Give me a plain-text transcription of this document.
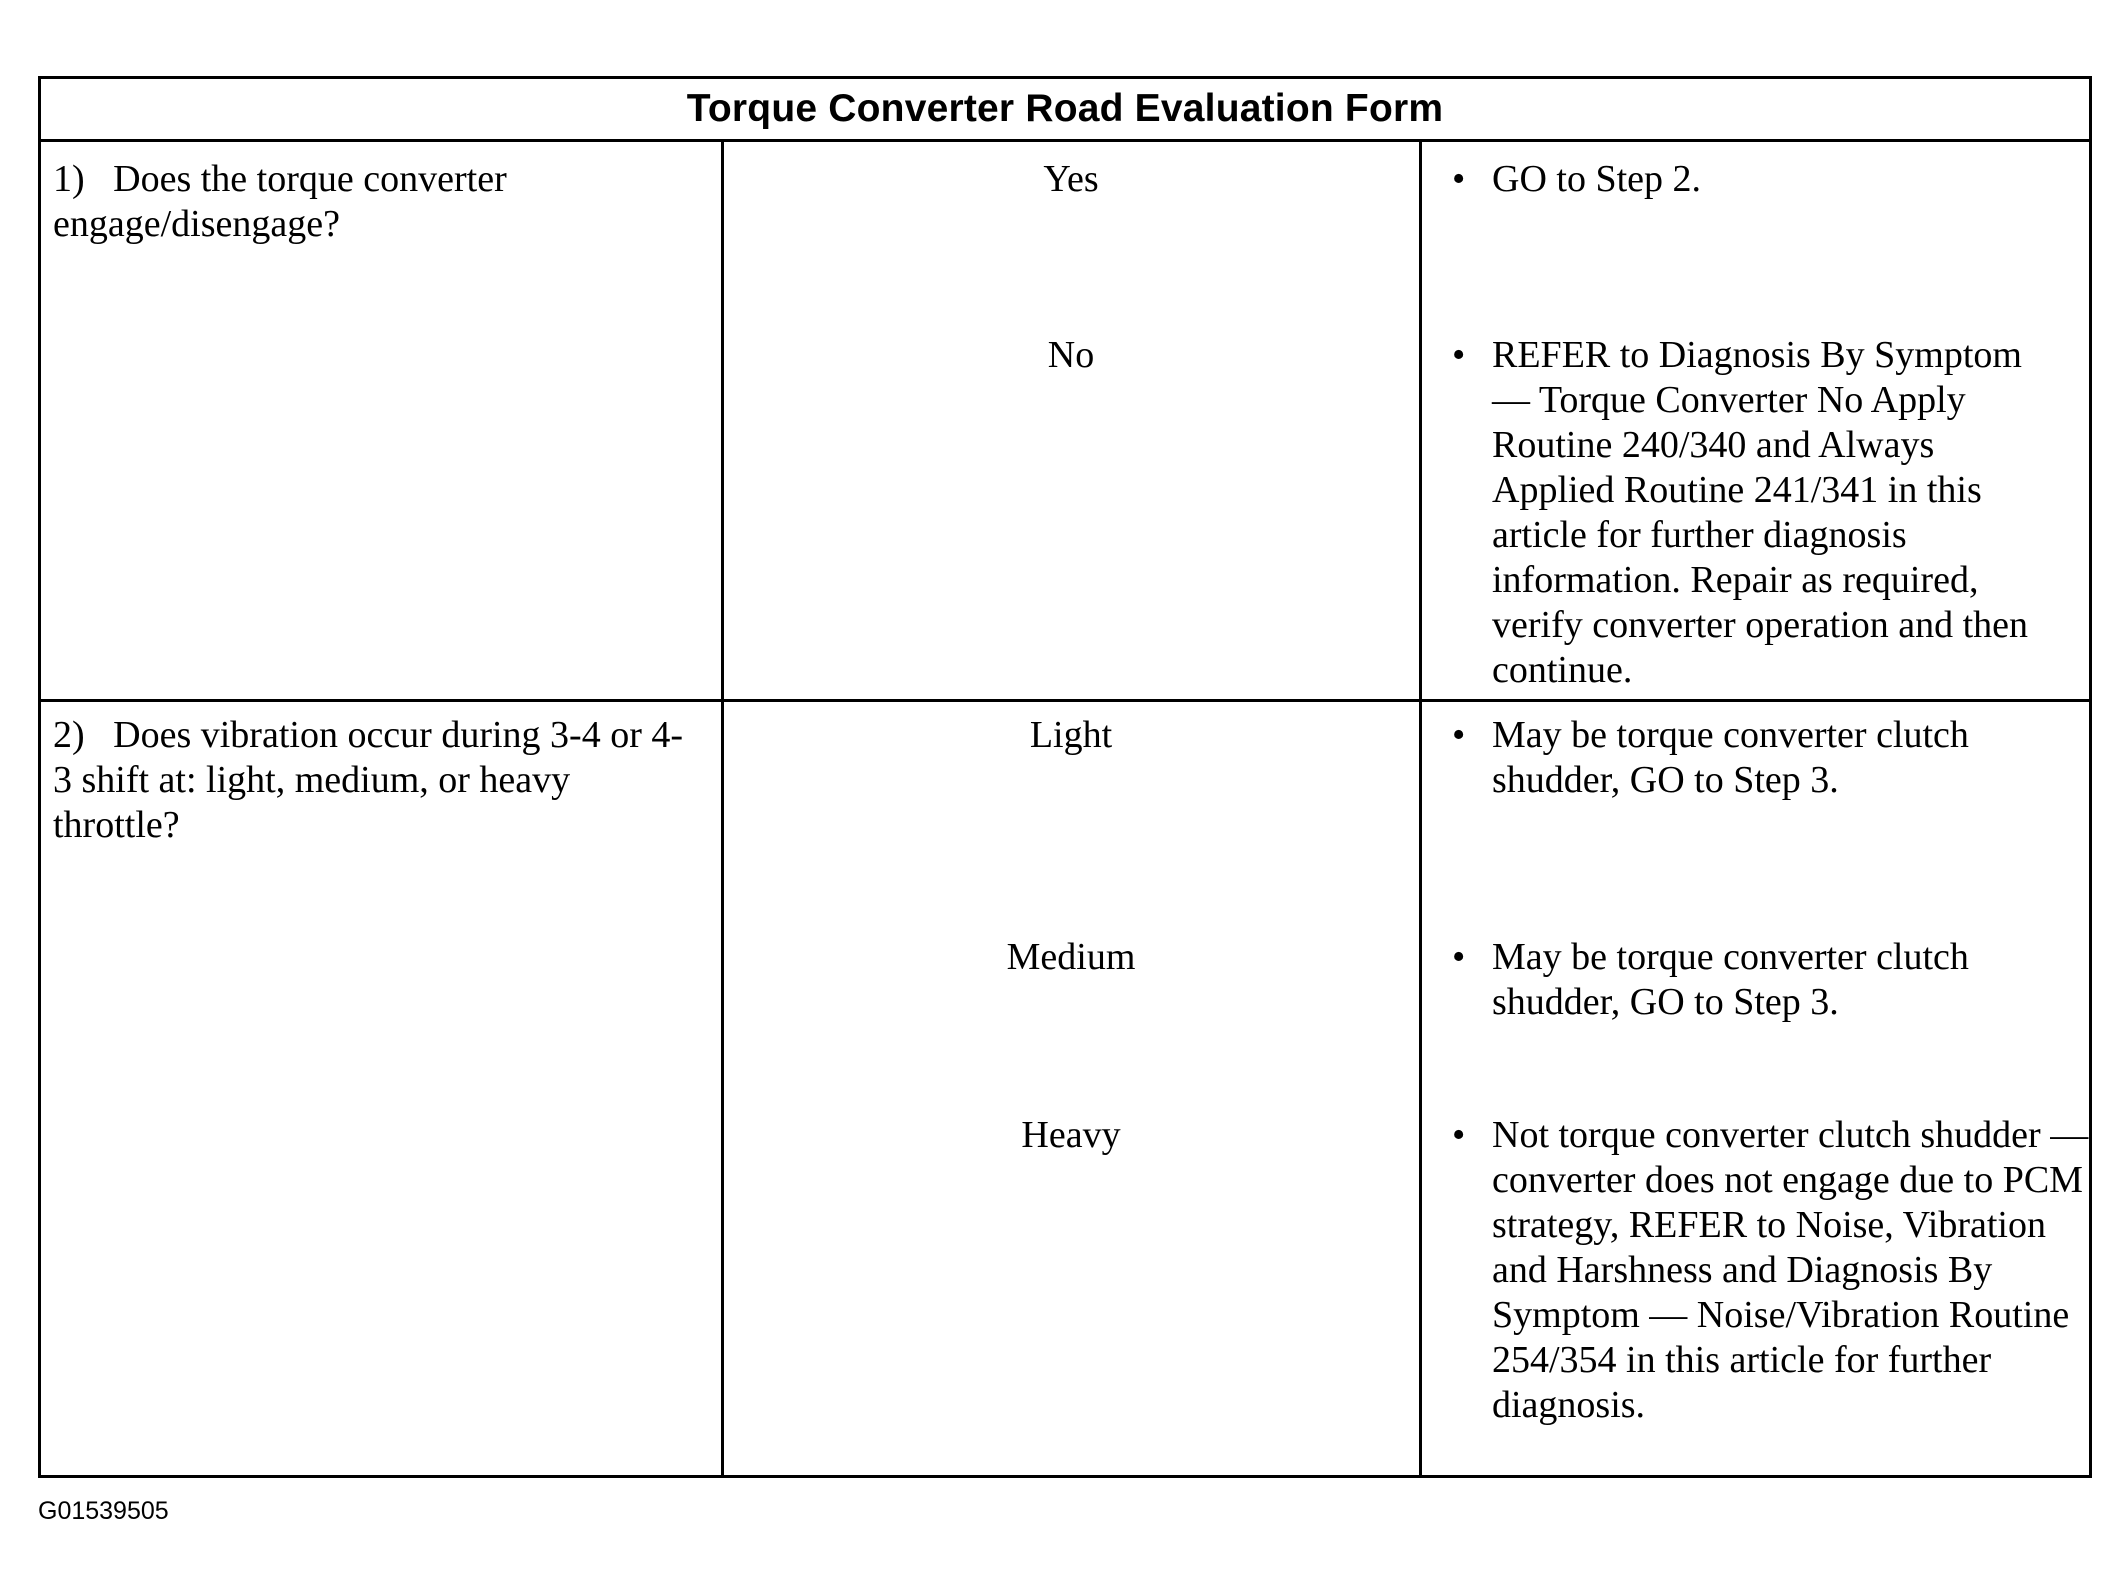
Torque Converter Road Evaluation Form
1)   Does the torque converter engage/disengage?
Yes	• GO to Step 2.
No	• REFER to Diagnosis By Symptom — Torque Converter No Apply Routine 240/340 and Always Applied Routine 241/341 in this article for further diagnosis information. Repair as required, verify converter operation and then continue.
2)   Does vibration occur during 3-4 or 4-3 shift at: light, medium, or heavy throttle?
Light	• May be torque converter clutch shudder, GO to Step 3.
Medium	• May be torque converter clutch shudder, GO to Step 3.
Heavy	• Not torque converter clutch shudder — converter does not engage due to PCM strategy, REFER to Noise, Vibration and Harshness and Diagnosis By Symptom — Noise/Vibration Routine 254/354 in this article for further diagnosis.
G01539505
